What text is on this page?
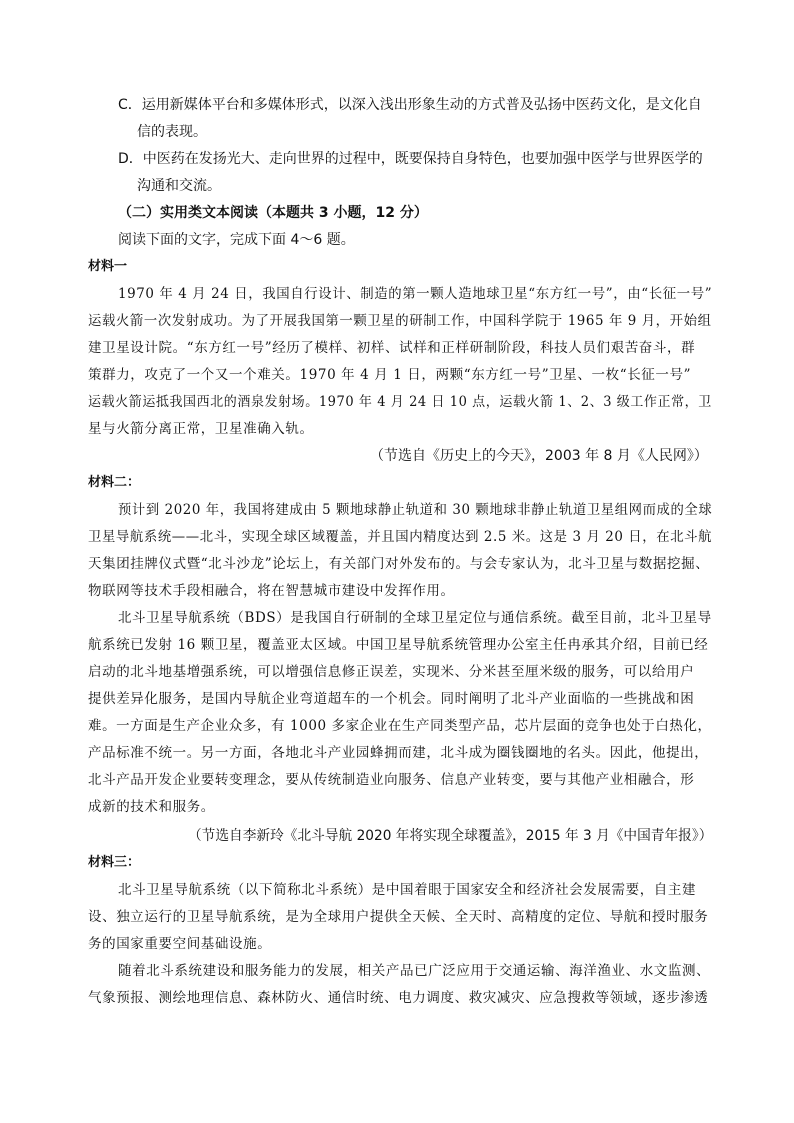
C．运用新媒体平台和多媒体形式，以深入浅出形象生动的方式普及弘扬中医药文化，是文化自
信的表现。
D．中医药在发扬光大、走向世界的过程中，既要保持自身特色，也要加强中医学与世界医学的
沟通和交流。
（二）实用类文本阅读（本题共 3 小题，12 分）
阅读下面的文字，完成下面 4～6 题。
材料一
1970 年 4 月 24 日，我国自行设计、制造的第一颗人造地球卫星“东方红一号”，由“长征一号”
运载火箭一次发射成功。为了开展我国第一颗卫星的研制工作，中国科学院于 1965 年 9 月，开始组
建卫星设计院。“东方红一号”经历了模样、初样、试样和正样研制阶段，科技人员们艰苦奋斗，群
策群力，攻克了一个又一个难关。1970 年 4 月 1 日，两颗“东方红一号”卫星、一枚“长征一号”
运载火箭运抵我国西北的酒泉发射场。1970 年 4 月 24 日 10 点，运载火箭 1、2、3 级工作正常，卫
星与火箭分离正常，卫星准确入轨。
（节选自《历史上的今天》，2003 年 8 月《人民网》）
材料二：
预计到 2020 年，我国将建成由 5 颗地球静止轨道和 30 颗地球非静止轨道卫星组网而成的全球
卫星导航系统——北斗，实现全球区域覆盖，并且国内精度达到 2.5 米。这是 3 月 20 日，在北斗航
天集团挂牌仪式暨“北斗沙龙”论坛上，有关部门对外发布的。与会专家认为，北斗卫星与数据挖掘、
物联网等技术手段相融合，将在智慧城市建设中发挥作用。
北斗卫星导航系统（BDS）是我国自行研制的全球卫星定位与通信系统。截至目前，北斗卫星导
航系统已发射 16 颗卫星，覆盖亚太区域。中国卫星导航系统管理办公室主任冉承其介绍，目前已经
启动的北斗地基增强系统，可以增强信息修正误差，实现米、分米甚至厘米级的服务，可以给用户
提供差异化服务，是国内导航企业弯道超车的一个机会。同时阐明了北斗产业面临的一些挑战和困
难。一方面是生产企业众多，有 1000 多家企业在生产同类型产品，芯片层面的竞争也处于白热化，
产品标准不统一。另一方面，各地北斗产业园蜂拥而建，北斗成为圈钱圈地的名头。因此，他提出，
北斗产品开发企业要转变理念，要从传统制造业向服务、信息产业转变，要与其他产业相融合，形
成新的技术和服务。
（节选自李新玲《北斗导航 2020 年将实现全球覆盖》，2015 年 3 月《中国青年报》）
材料三：
北斗卫星导航系统（以下简称北斗系统）是中国着眼于国家安全和经济社会发展需要，自主建
设、独立运行的卫星导航系统，是为全球用户提供全天候、全天时、高精度的定位、导航和授时服务
务的国家重要空间基础设施。
随着北斗系统建设和服务能力的发展，相关产品已广泛应用于交通运输、海洋渔业、水文监测、
气象预报、测绘地理信息、森林防火、通信时统、电力调度、救灾减灾、应急搜救等领域，逐步渗透
